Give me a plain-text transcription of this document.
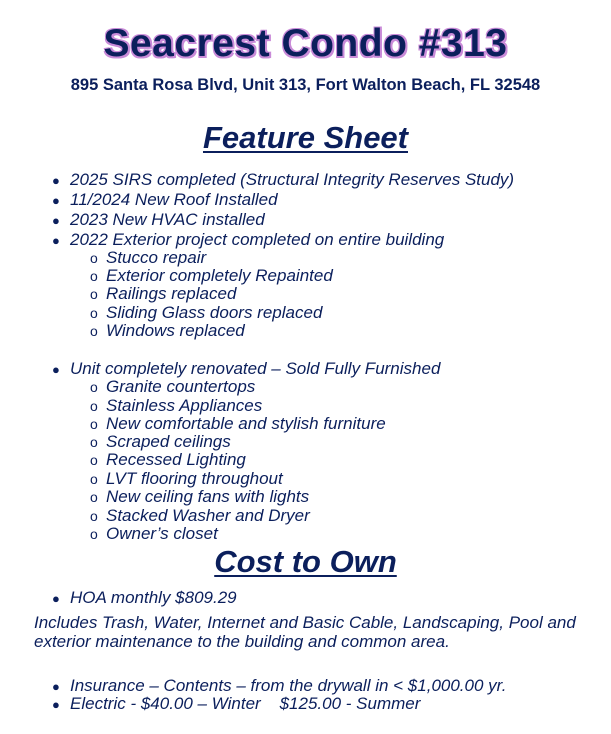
Seacrest Condo #313
895 Santa Rosa Blvd, Unit 313, Fort Walton Beach, FL 32548
Feature Sheet
● 2025 SIRS completed (Structural Integrity Reserves Study)
● 11/2024 New Roof Installed
● 2023 New HVAC installed
● 2022 Exterior project completed on entire building
o Stucco repair
o Exterior completely Repainted
o Railings replaced
o Sliding Glass doors replaced
o Windows replaced
● Unit completely renovated – Sold Fully Furnished
o Granite countertops
o Stainless Appliances
o New comfortable and stylish furniture
o Scraped ceilings
o Recessed Lighting
o LVT flooring throughout
o New ceiling fans with lights
o Stacked Washer and Dryer
o Owner’s closet
Cost to Own
● HOA monthly $809.29
Includes Trash, Water, Internet and Basic Cable, Landscaping, Pool and exterior maintenance to the building and common area.
● Insurance – Contents – from the drywall in < $1,000.00 yr.
● Electric - $40.00 – Winter    $125.00 - Summer
